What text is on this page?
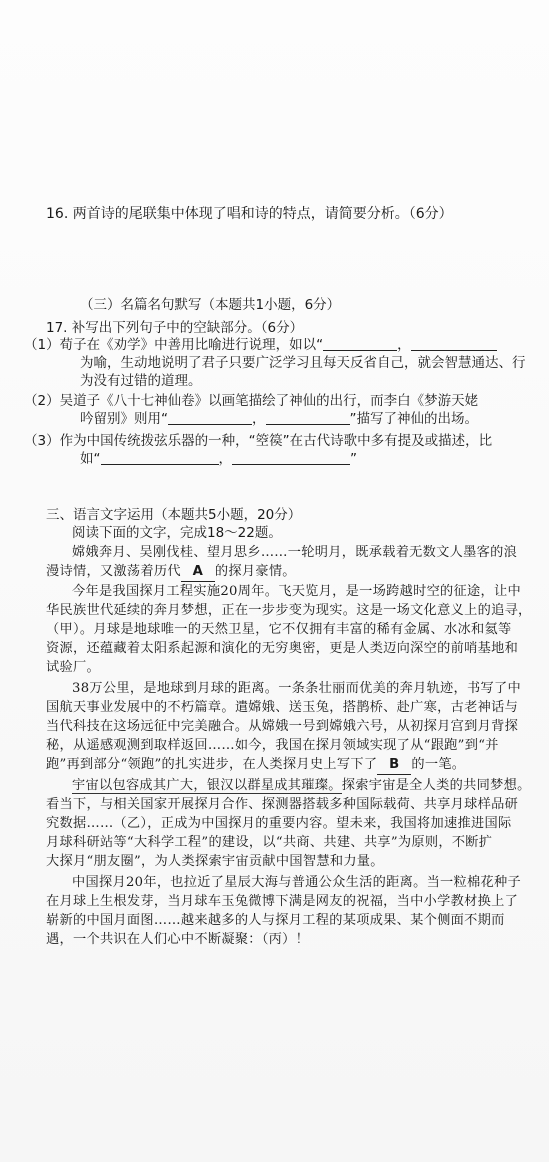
16. 两首诗的尾联集中体现了唱和诗的特点，请简要分析。（6分）
（三）名篇名句默写（本题共1小题，6分）
17. 补写出下列句子中的空缺部分。（6分）
（1）荀子在《劝学》中善用比喻进行说理，如以“	，
为喻，生动地说明了君子只要广泛学习且每天反省自己，就会智慧通达、行
为没有过错的道理。
（2）吴道子《八十七神仙卷》以画笔描绘了神仙的出行，而李白《梦游天姥
吟留别》则用“	，	”描写了神仙的出场。
（3）作为中国传统拨弦乐器的一种，“箜篌”在古代诗歌中多有提及或描述，比
如“	，	”
三、语言文字运用（本题共5小题，20分）
阅读下面的文字，完成18～22题。
嫦娥奔月、吴刚伐桂、望月思乡……一轮明月，既承载着无数文人墨客的浪
漫诗情，又激荡着历代 A 的探月豪情。
今年是我国探月工程实施20周年。飞天览月，是一场跨越时空的征途，让中
华民族世代延续的奔月梦想，正在一步步变为现实。这是一场文化意义上的追寻，
（甲）。月球是地球唯一的天然卫星，它不仅拥有丰富的稀有金属、水冰和氦等
资源，还蕴藏着太阳系起源和演化的无穷奥密，更是人类迈向深空的前哨基地和
试验厂。
38万公里，是地球到月球的距离。一条条壮丽而优美的奔月轨迹，书写了中
国航天事业发展中的不朽篇章。遣嫦娥、送玉兔，搭鹊桥、赴广寒，古老神话与
当代科技在这场远征中完美融合。从嫦娥一号到嫦娥六号，从初探月宫到月背探
秘，从遥感观测到取样返回……如今，我国在探月领域实现了从“跟跑”到“并
跑”再到部分“领跑”的扎实进步，在人类探月史上写下了 B 的一笔。
宇宙以包容成其广大，银汉以群星成其璀璨。探索宇宙是全人类的共同梦想。
看当下，与相关国家开展探月合作、探测器搭载多种国际载荷、共享月球样品研
究数据……（乙），正成为中国探月的重要内容。望未来，我国将加速推进国际
月球科研站等“大科学工程”的建设，以“共商、共建、共享”为原则，不断扩
大探月“朋友圈”，为人类探索宇宙贡献中国智慧和力量。
中国探月20年，也拉近了星辰大海与普通公众生活的距离。当一粒棉花种子
在月球上生根发芽，当月球车玉兔微博下满是网友的祝福，当中小学教材换上了
崭新的中国月面图……越来越多的人与探月工程的某项成果、某个侧面不期而
遇，一个共识在人们心中不断凝聚：（丙）！
